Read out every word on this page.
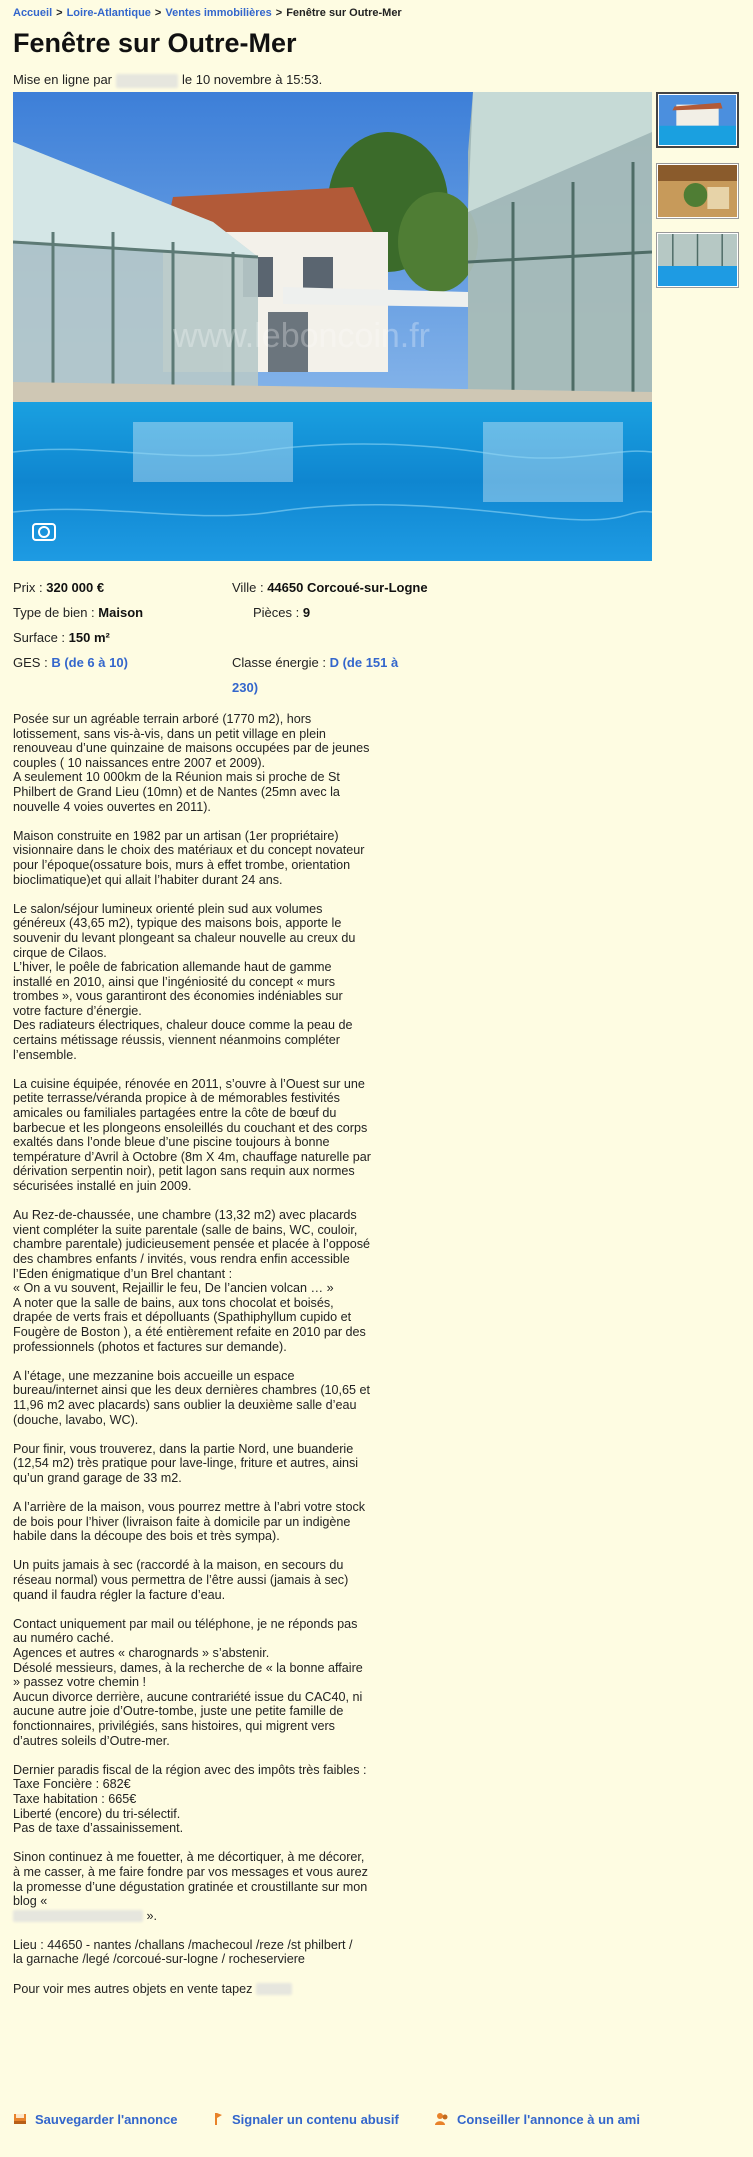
Accueil > Loire-Atlantique > Ventes immobilières > Fenêtre sur Outre-Mer
Fenêtre sur Outre-Mer
Mise en ligne par	le 10 novembre à 15:53.
www.leboncoin.fr
Prix : 320 000 €	Ville : 44650 Corcoué-sur-Logne
Type de bien : Maison	Pièces : 9
Surface : 150 m²
GES : B (de 6 à 10)	Classe énergie : D (de 151 à
230)

Posée sur un agréable terrain arboré (1770 m2), hors lotissement, sans vis-à-vis, dans un petit village en plein renouveau d’une quinzaine de maisons occupées par de jeunes couples ( 10 naissances entre 2007 et 2009).
A seulement 10 000km de la Réunion mais si proche de St Philbert de Grand Lieu (10mn) et de Nantes (25mn avec la nouvelle 4 voies ouvertes en 2011).

Maison construite en 1982 par un artisan (1er propriétaire) visionnaire dans le choix des matériaux et du concept novateur pour l’époque(ossature bois, murs à effet trombe, orientation bioclimatique)et qui allait l’habiter durant 24 ans.

Le salon/séjour lumineux orienté plein sud aux volumes généreux (43,65 m2), typique des maisons bois, apporte le souvenir du levant plongeant sa chaleur nouvelle au creux du cirque de Cilaos.
L’hiver, le poêle de fabrication allemande haut de gamme installé en 2010, ainsi que l’ingéniosité du concept « murs trombes », vous garantiront des économies indéniables sur votre facture d’énergie.
Des radiateurs électriques, chaleur douce comme la peau de certains métissage réussis, viennent néanmoins compléter l’ensemble.

La cuisine équipée, rénovée en 2011, s’ouvre à l’Ouest sur une petite terrasse/véranda propice à de mémorables festivités amicales ou familiales partagées entre la côte de bœuf du barbecue et les plongeons ensoleillés du couchant et des corps exaltés dans l’onde bleue d’une piscine toujours à bonne température d’Avril à Octobre (8m X 4m, chauffage naturelle par dérivation serpentin noir), petit lagon sans requin aux normes sécurisées installé en juin 2009.

Au Rez-de-chaussée, une chambre (13,32 m2) avec placards vient compléter la suite parentale (salle de bains, WC, couloir, chambre parentale) judicieusement pensée et placée à l’opposé des chambres enfants / invités, vous rendra enfin accessible l’Eden énigmatique d’un Brel chantant :
« On a vu souvent, Rejaillir le feu, De l’ancien volcan … »
A noter que la salle de bains, aux tons chocolat et boisés, drapée de verts frais et dépolluants (Spathiphyllum cupido et Fougère de Boston ), a été entièrement refaite en 2010 par des professionnels (photos et factures sur demande).

A l’étage, une mezzanine bois accueille un espace bureau/internet ainsi que les deux dernières chambres (10,65 et 11,96 m2 avec placards) sans oublier la deuxième salle d’eau (douche, lavabo, WC).

Pour finir, vous trouverez, dans la partie Nord, une buanderie (12,54 m2) très pratique pour lave-linge, friture et autres, ainsi qu’un grand garage de 33 m2.

A l’arrière de la maison, vous pourrez mettre à l’abri votre stock de bois pour l’hiver (livraison faite à domicile par un indigène habile dans la découpe des bois et très sympa).

Un puits jamais à sec (raccordé à la maison, en secours du réseau normal) vous permettra de l’être aussi (jamais à sec) quand il faudra régler la facture d’eau.

Contact uniquement par mail ou téléphone, je ne réponds pas au numéro caché.
Agences et autres « charognards » s’abstenir.
Désolé messieurs, dames, à la recherche de « la bonne affaire » passez votre chemin !
Aucun divorce derrière, aucune contrariété issue du CAC40, ni aucune autre joie d’Outre-tombe, juste une petite famille de fonctionnaires, privilégiés, sans histoires, qui migrent vers d’autres soleils d’Outre-mer.

Dernier paradis fiscal de la région avec des impôts très faibles :
Taxe Foncière : 682€
Taxe habitation : 665€
Liberté (encore) du tri-sélectif.
Pas de taxe d’assainissement.

Sinon continuez à me fouetter, à me décortiquer, à me décorer, à me casser, à me faire fondre par vos messages et vous aurez la promesse d’une dégustation gratinée et croustillante sur mon blog «
».

Lieu : 44650 - nantes /challans /machecoul /reze /st philbert /
la garnache /legé /corcoué-sur-logne / rocheserviere

Pour voir mes autres objets en vente tapez

Sauvegarder l'annonce	Signaler un contenu abusif	Conseiller l'annonce à un ami
